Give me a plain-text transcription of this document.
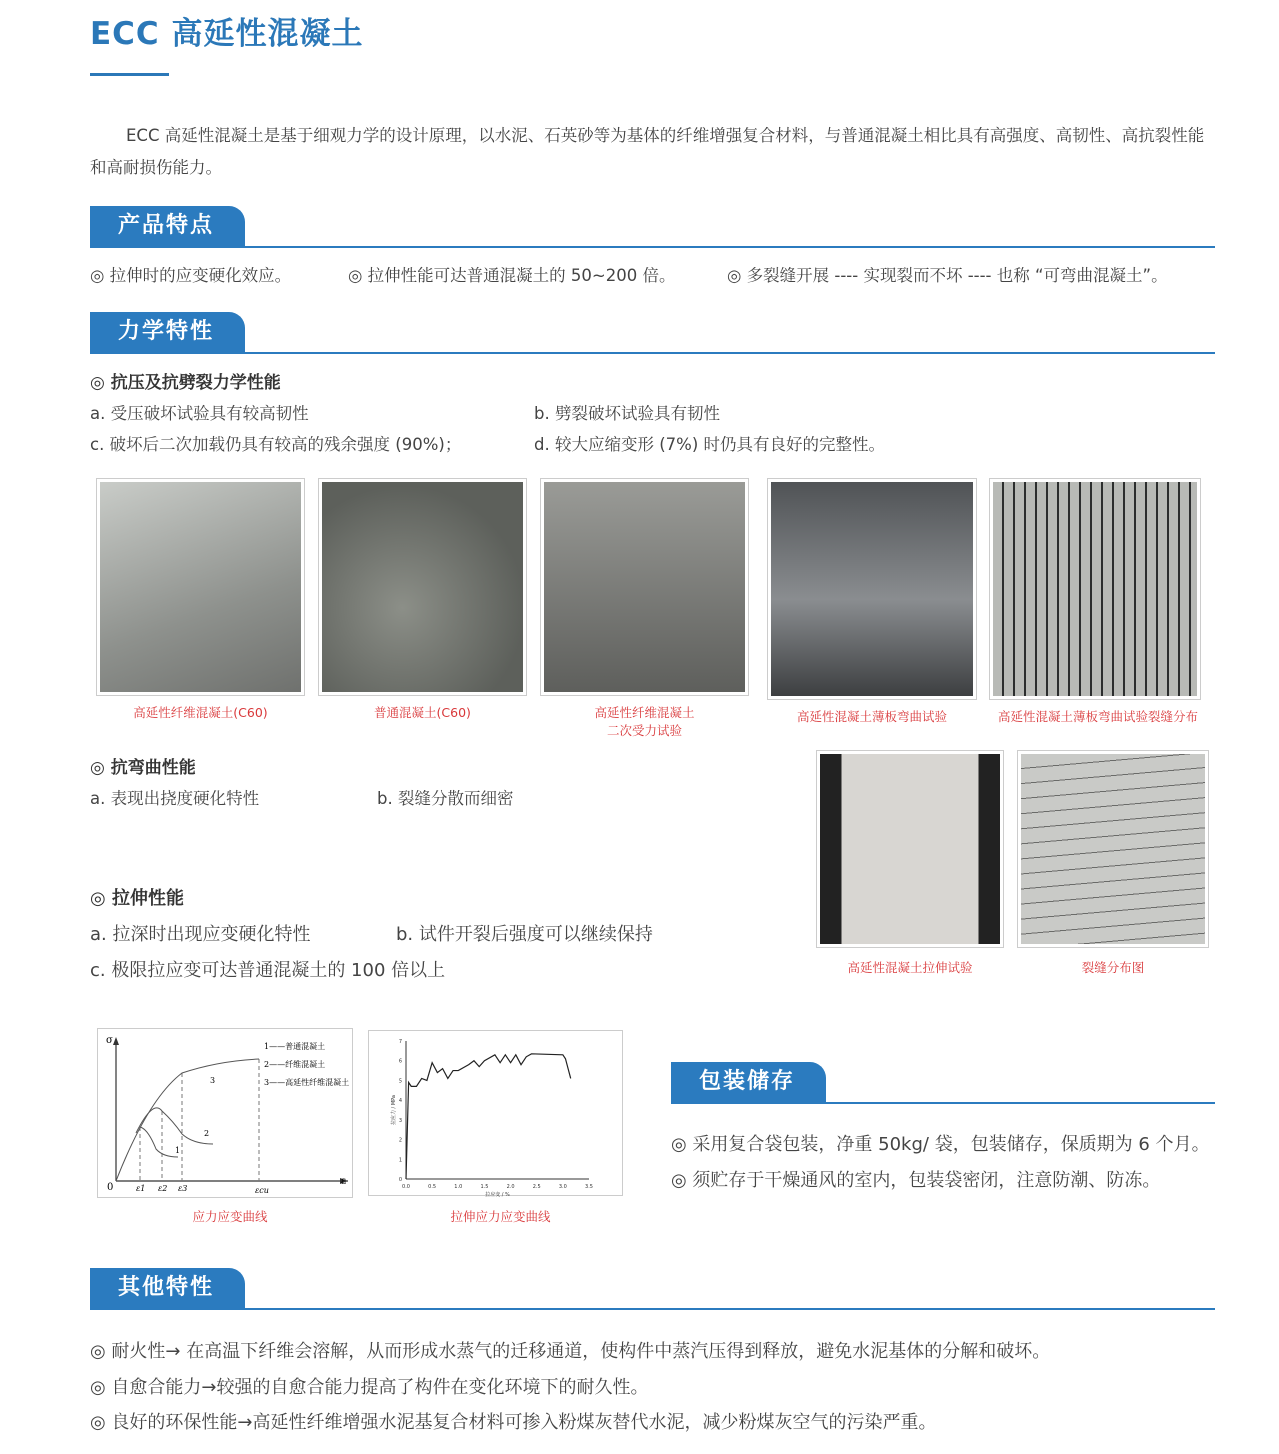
ECC 高延性混凝土
ECC 高延性混凝土是基于细观力学的设计原理，以水泥、石英砂等为基体的纤维增强复合材料，与普通混凝土相比具有高强度、高韧性、高抗裂性能和高耐损伤能力。
产品特点
◎ 拉伸时的应变硬化效应。	◎ 拉伸性能可达普通混凝土的 50~200 倍。	◎ 多裂缝开展 ---- 实现裂而不坏 ---- 也称 “可弯曲混凝土”。
力学特性
◎ 抗压及抗劈裂力学性能
a. 受压破坏试验具有较高韧性	b. 劈裂破坏试验具有韧性
c. 破坏后二次加载仍具有较高的残余强度 (90%)；	d. 较大应缩变形 (7%) 时仍具有良好的完整性。
高延性纤维混凝土(C60)	普通混凝土(C60)	高延性纤维混凝土
二次受力试验
高延性混凝土薄板弯曲试验	高延性混凝土薄板弯曲试验裂缝分布
◎ 抗弯曲性能
a. 表现出挠度硬化特性	b. 裂缝分散而细密
◎ 拉伸性能
a. 拉深时出现应变硬化特性	b. 试件开裂后强度可以继续保持
c. 极限拉应变可达普通混凝土的 100 倍以上	高延性混凝土拉伸试验	裂缝分布图
σ
ε
0	ε1 ε2 ε3	εcu
3
2
1
1——普通混凝土
2——纤维混凝土
3——高延性纤维混凝土
应力应变曲线
0.0	0.5	1.0	1.5	2.0	2.5	3.0	3.5
0
1
2
3
4
5
6
7
拉应变 / %
拉应力 / MPa
拉伸应力应变曲线
包装储存
◎ 采用复合袋包装，净重 50kg/ 袋，包装储存，保质期为 6 个月。
◎ 须贮存于干燥通风的室内，包装袋密闭，注意防潮、防冻。
其他特性
◎ 耐火性→ 在高温下纤维会溶解，从而形成水蒸气的迁移通道，使构件中蒸汽压得到释放，避免水泥基体的分解和破坏。
◎ 自愈合能力→较强的自愈合能力提高了构件在变化环境下的耐久性。
◎ 良好的环保性能→高延性纤维增强水泥基复合材料可掺入粉煤灰替代水泥，减少粉煤灰空气的污染严重。
